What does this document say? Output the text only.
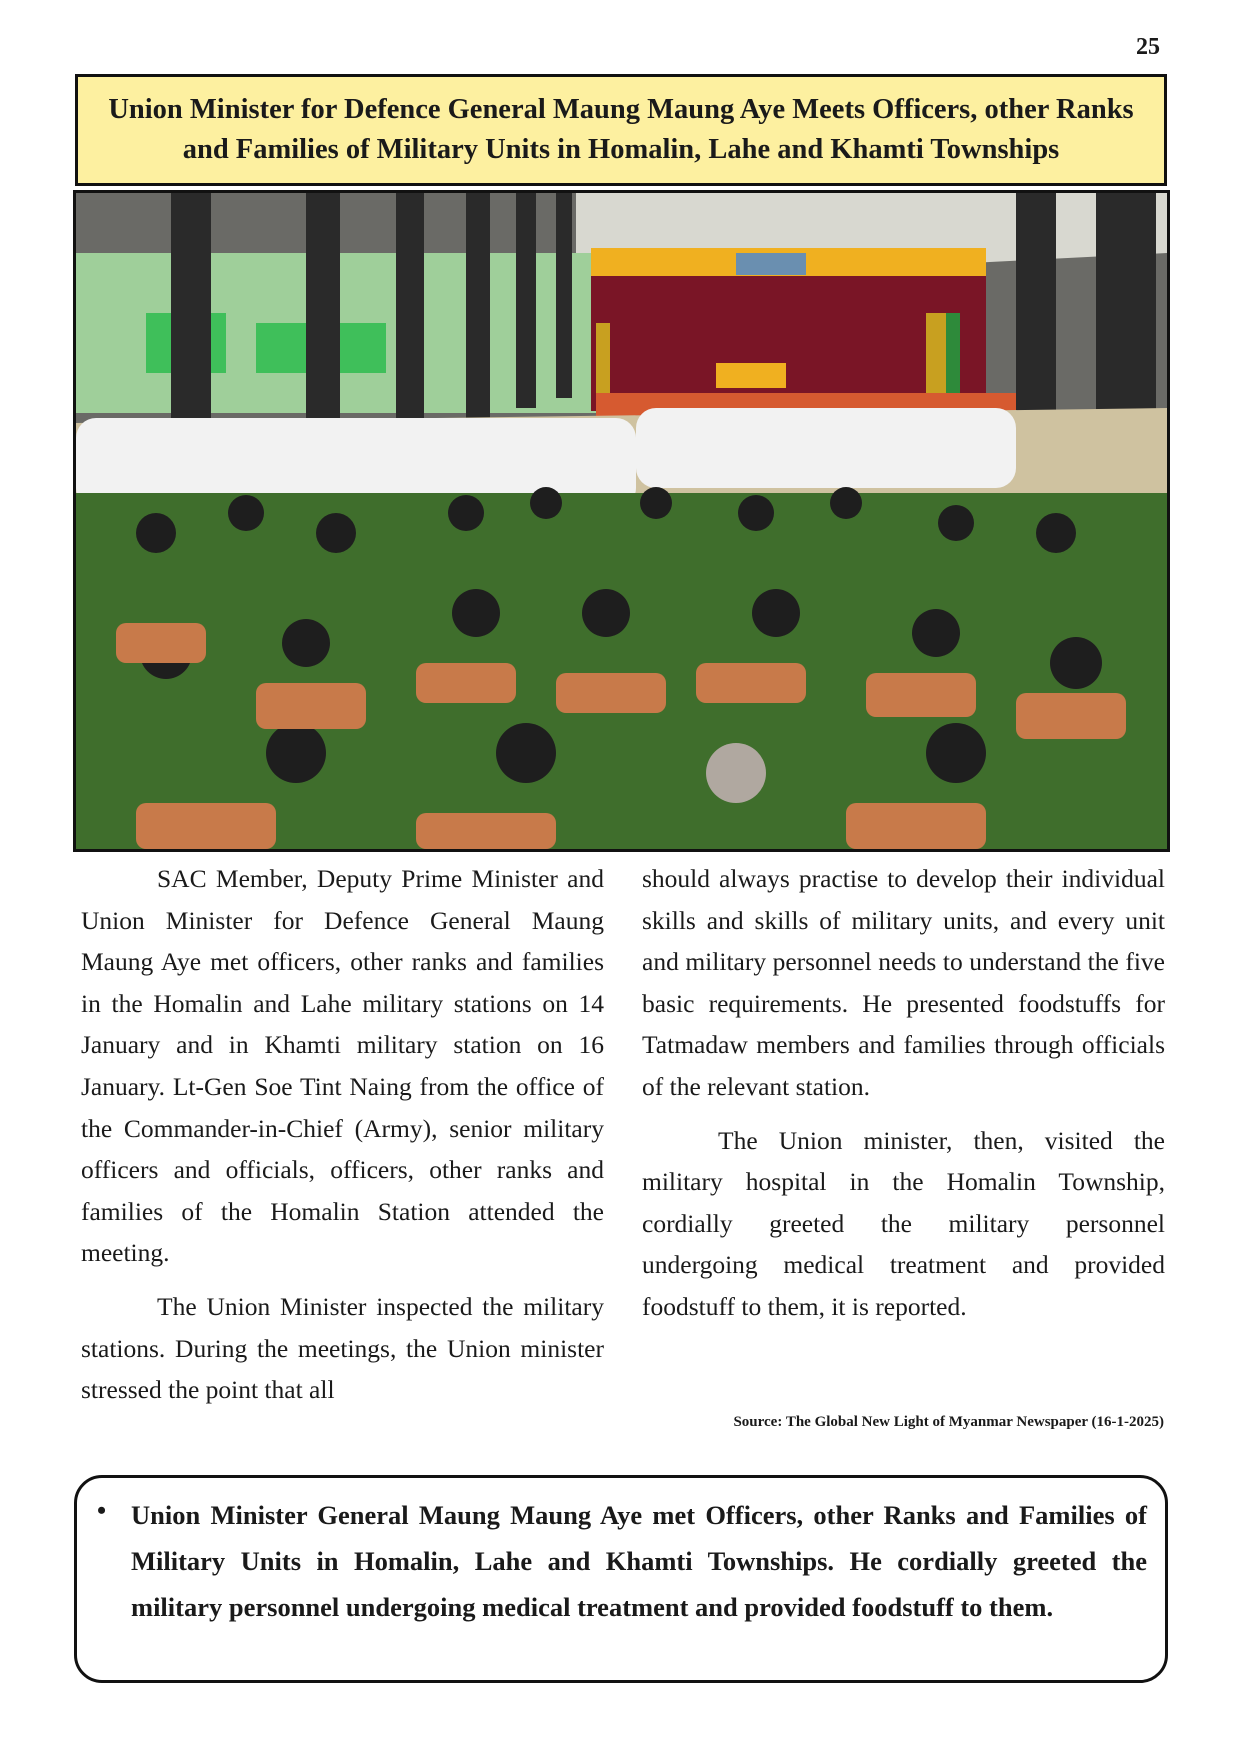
25
Union Minister for Defence General Maung Maung Aye Meets Officers, other Ranks and Families of Military Units in Homalin, Lahe and Khamti Townships

SAC Member, Deputy Prime Minister and Union Minister for Defence General Maung Maung Aye met officers, other ranks and families in the Homalin and Lahe military stations on 14 January and in Khamti military station on 16 January. Lt-Gen Soe Tint Naing from the office of the Commander-in-Chief (Army), senior military officers and officials, officers, other ranks and families of the Homalin Station attended the meeting.

The Union Minister inspected the military stations. During the meetings, the Union minister stressed the point that all

should always practise to develop their individual skills and skills of military units, and every unit and military personnel needs to understand the five basic requirements. He presented foodstuffs for Tatmadaw members and families through officials of the relevant station.

The Union minister, then, visited the military hospital in the Homalin Township, cordially greeted the military personnel undergoing medical treatment and provided foodstuff to them, it is reported.

Source: The Global New Light of Myanmar Newspaper (16-1-2025)
• Union Minister General Maung Maung Aye met Officers, other Ranks and Families of Military Units in Homalin, Lahe and Khamti Townships. He cordially greeted the military personnel undergoing medical treatment and provided foodstuff to them.
